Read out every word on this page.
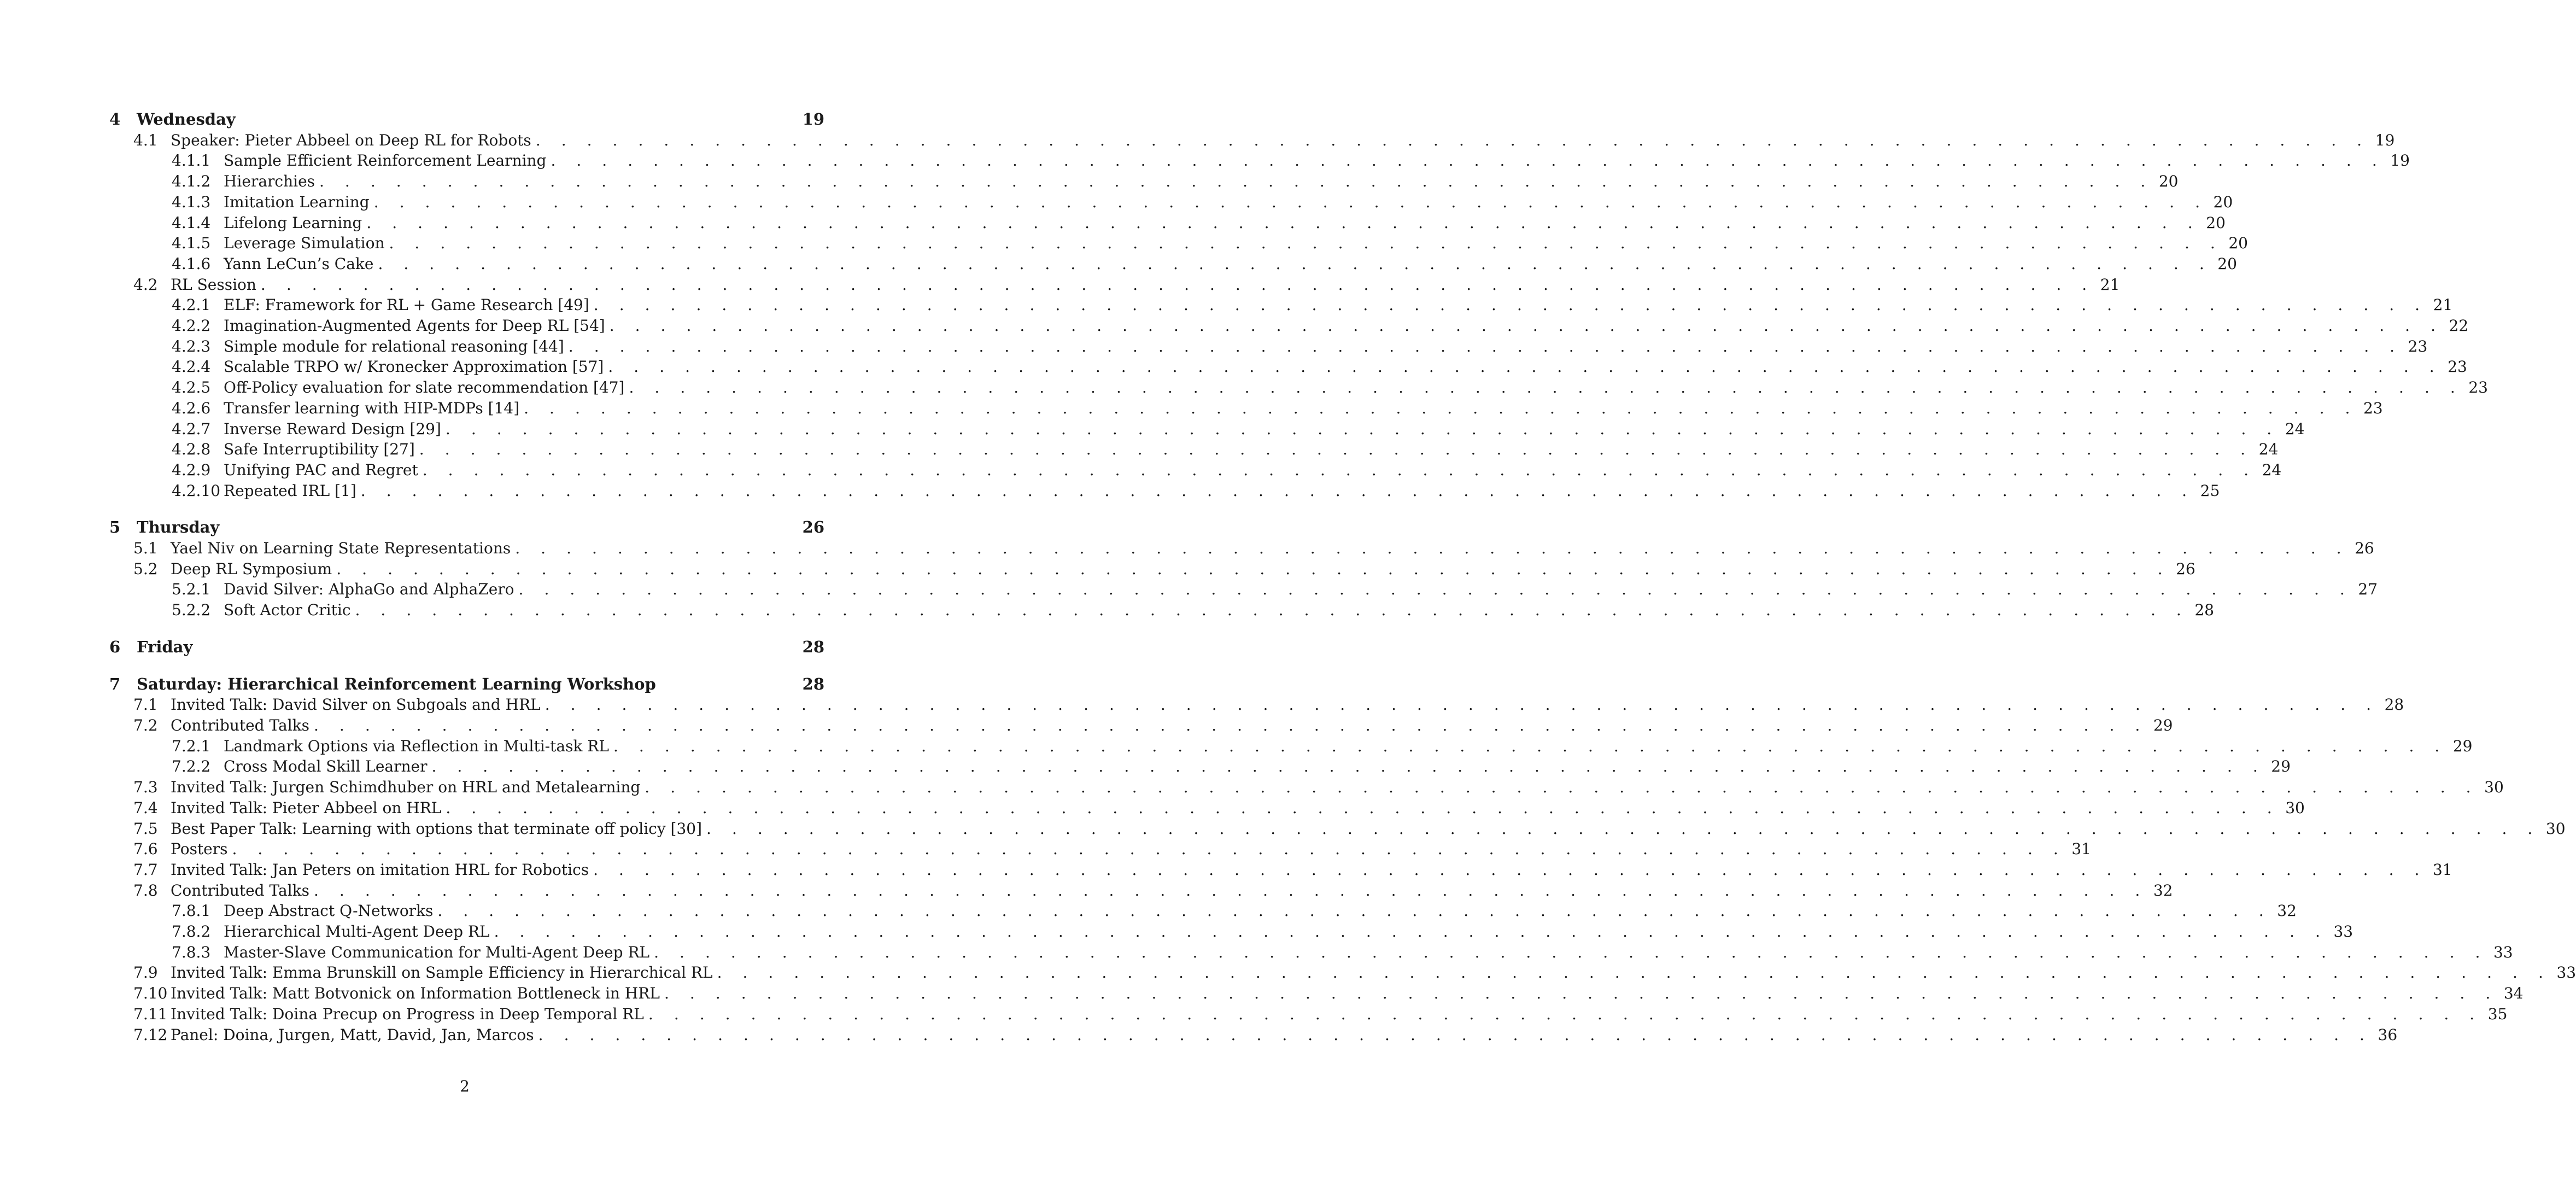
4	Wednesday	19
4.1 Speaker: Pieter Abbeel on Deep RL for Robots . . . . . . . . . . . . . . . . . . . . . . . . . . . . . . . . . . . . . . . . . . . . . . . . . . . . . . . . . . . . . . . . . . . . . . . . 19
4.1.1 Sample Efficient Reinforcement Learning . . . . . . . . . . . . . . . . . . . . . . . . . . . . . . . . . . . . . . . . . . . . . . . . . . . . . . . . . . . . . . . . . . . . . . . . 19
4.1.2 Hierarchies . . . . . . . . . . . . . . . . . . . . . . . . . . . . . . . . . . . . . . . . . . . . . . . . . . . . . . . . . . . . . . . . . . . . . . . . 20
4.1.3 Imitation Learning . . . . . . . . . . . . . . . . . . . . . . . . . . . . . . . . . . . . . . . . . . . . . . . . . . . . . . . . . . . . . . . . . . . . . . . . 20
4.1.4 Lifelong Learning . . . . . . . . . . . . . . . . . . . . . . . . . . . . . . . . . . . . . . . . . . . . . . . . . . . . . . . . . . . . . . . . . . . . . . . . 20
4.1.5 Leverage Simulation . . . . . . . . . . . . . . . . . . . . . . . . . . . . . . . . . . . . . . . . . . . . . . . . . . . . . . . . . . . . . . . . . . . . . . . . 20
4.1.6 Yann LeCun’s Cake . . . . . . . . . . . . . . . . . . . . . . . . . . . . . . . . . . . . . . . . . . . . . . . . . . . . . . . . . . . . . . . . . . . . . . . . 20
4.2 RL Session . . . . . . . . . . . . . . . . . . . . . . . . . . . . . . . . . . . . . . . . . . . . . . . . . . . . . . . . . . . . . . . . . . . . . . . . 21
4.2.1 ELF: Framework for RL + Game Research [49] . . . . . . . . . . . . . . . . . . . . . . . . . . . . . . . . . . . . . . . . . . . . . . . . . . . . . . . . . . . . . . . . . . . . . . . . 21
4.2.2 Imagination-Augmented Agents for Deep RL [54] . . . . . . . . . . . . . . . . . . . . . . . . . . . . . . . . . . . . . . . . . . . . . . . . . . . . . . . . . . . . . . . . . . . . . . . . 22
4.2.3 Simple module for relational reasoning [44] . . . . . . . . . . . . . . . . . . . . . . . . . . . . . . . . . . . . . . . . . . . . . . . . . . . . . . . . . . . . . . . . . . . . . . . . 23
4.2.4 Scalable TRPO w/ Kronecker Approximation [57] . . . . . . . . . . . . . . . . . . . . . . . . . . . . . . . . . . . . . . . . . . . . . . . . . . . . . . . . . . . . . . . . . . . . . . . . 23
4.2.5 Off-Policy evaluation for slate recommendation [47] . . . . . . . . . . . . . . . . . . . . . . . . . . . . . . . . . . . . . . . . . . . . . . . . . . . . . . . . . . . . . . . . . . . . . . . . 23
4.2.6 Transfer learning with HIP-MDPs [14] . . . . . . . . . . . . . . . . . . . . . . . . . . . . . . . . . . . . . . . . . . . . . . . . . . . . . . . . . . . . . . . . . . . . . . . . 23
4.2.7 Inverse Reward Design [29] . . . . . . . . . . . . . . . . . . . . . . . . . . . . . . . . . . . . . . . . . . . . . . . . . . . . . . . . . . . . . . . . . . . . . . . . 24
4.2.8 Safe Interruptibility [27] . . . . . . . . . . . . . . . . . . . . . . . . . . . . . . . . . . . . . . . . . . . . . . . . . . . . . . . . . . . . . . . . . . . . . . . . 24
4.2.9 Unifying PAC and Regret . . . . . . . . . . . . . . . . . . . . . . . . . . . . . . . . . . . . . . . . . . . . . . . . . . . . . . . . . . . . . . . . . . . . . . . . 24
4.2.10 Repeated IRL [1] . . . . . . . . . . . . . . . . . . . . . . . . . . . . . . . . . . . . . . . . . . . . . . . . . . . . . . . . . . . . . . . . . . . . . . . . 25
5	Thursday	26
5.1 Yael Niv on Learning State Representations . . . . . . . . . . . . . . . . . . . . . . . . . . . . . . . . . . . . . . . . . . . . . . . . . . . . . . . . . . . . . . . . . . . . . . . . 26
5.2 Deep RL Symposium . . . . . . . . . . . . . . . . . . . . . . . . . . . . . . . . . . . . . . . . . . . . . . . . . . . . . . . . . . . . . . . . . . . . . . . . 26
5.2.1 David Silver: AlphaGo and AlphaZero . . . . . . . . . . . . . . . . . . . . . . . . . . . . . . . . . . . . . . . . . . . . . . . . . . . . . . . . . . . . . . . . . . . . . . . . 27
5.2.2 Soft Actor Critic . . . . . . . . . . . . . . . . . . . . . . . . . . . . . . . . . . . . . . . . . . . . . . . . . . . . . . . . . . . . . . . . . . . . . . . . 28
6	Friday	28
7	Saturday: Hierarchical Reinforcement Learning Workshop	28
7.1 Invited Talk: David Silver on Subgoals and HRL . . . . . . . . . . . . . . . . . . . . . . . . . . . . . . . . . . . . . . . . . . . . . . . . . . . . . . . . . . . . . . . . . . . . . . . . 28
7.2 Contributed Talks . . . . . . . . . . . . . . . . . . . . . . . . . . . . . . . . . . . . . . . . . . . . . . . . . . . . . . . . . . . . . . . . . . . . . . . . 29
7.2.1 Landmark Options via Reflection in Multi-task RL . . . . . . . . . . . . . . . . . . . . . . . . . . . . . . . . . . . . . . . . . . . . . . . . . . . . . . . . . . . . . . . . . . . . . . . . 29
7.2.2 Cross Modal Skill Learner . . . . . . . . . . . . . . . . . . . . . . . . . . . . . . . . . . . . . . . . . . . . . . . . . . . . . . . . . . . . . . . . . . . . . . . . 29
7.3 Invited Talk: Jurgen Schimdhuber on HRL and Metalearning . . . . . . . . . . . . . . . . . . . . . . . . . . . . . . . . . . . . . . . . . . . . . . . . . . . . . . . . . . . . . . . . . . . . . . . . 30
7.4 Invited Talk: Pieter Abbeel on HRL . . . . . . . . . . . . . . . . . . . . . . . . . . . . . . . . . . . . . . . . . . . . . . . . . . . . . . . . . . . . . . . . . . . . . . . . 30
7.5 Best Paper Talk: Learning with options that terminate off policy [30] . . . . . . . . . . . . . . . . . . . . . . . . . . . . . . . . . . . . . . . . . . . . . . . . . . . . . . . . . . . . . . . . . . . . . . . . 30
7.6 Posters . . . . . . . . . . . . . . . . . . . . . . . . . . . . . . . . . . . . . . . . . . . . . . . . . . . . . . . . . . . . . . . . . . . . . . . . 31
7.7 Invited Talk: Jan Peters on imitation HRL for Robotics . . . . . . . . . . . . . . . . . . . . . . . . . . . . . . . . . . . . . . . . . . . . . . . . . . . . . . . . . . . . . . . . . . . . . . . . 31
7.8 Contributed Talks . . . . . . . . . . . . . . . . . . . . . . . . . . . . . . . . . . . . . . . . . . . . . . . . . . . . . . . . . . . . . . . . . . . . . . . . 32
7.8.1 Deep Abstract Q-Networks . . . . . . . . . . . . . . . . . . . . . . . . . . . . . . . . . . . . . . . . . . . . . . . . . . . . . . . . . . . . . . . . . . . . . . . . 32
7.8.2 Hierarchical Multi-Agent Deep RL . . . . . . . . . . . . . . . . . . . . . . . . . . . . . . . . . . . . . . . . . . . . . . . . . . . . . . . . . . . . . . . . . . . . . . . . 33
7.8.3 Master-Slave Communication for Multi-Agent Deep RL . . . . . . . . . . . . . . . . . . . . . . . . . . . . . . . . . . . . . . . . . . . . . . . . . . . . . . . . . . . . . . . . . . . . . . . . 33
7.9 Invited Talk: Emma Brunskill on Sample Efficiency in Hierarchical RL . . . . . . . . . . . . . . . . . . . . . . . . . . . . . . . . . . . . . . . . . . . . . . . . . . . . . . . . . . . . . . . . . . . . . . . . 33
7.10 Invited Talk: Matt Botvonick on Information Bottleneck in HRL . . . . . . . . . . . . . . . . . . . . . . . . . . . . . . . . . . . . . . . . . . . . . . . . . . . . . . . . . . . . . . . . . . . . . . . . 34
7.11 Invited Talk: Doina Precup on Progress in Deep Temporal RL . . . . . . . . . . . . . . . . . . . . . . . . . . . . . . . . . . . . . . . . . . . . . . . . . . . . . . . . . . . . . . . . . . . . . . . . 35
7.12 Panel: Doina, Jurgen, Matt, David, Jan, Marcos . . . . . . . . . . . . . . . . . . . . . . . . . . . . . . . . . . . . . . . . . . . . . . . . . . . . . . . . . . . . . . . . . . . . . . . . 36
2
